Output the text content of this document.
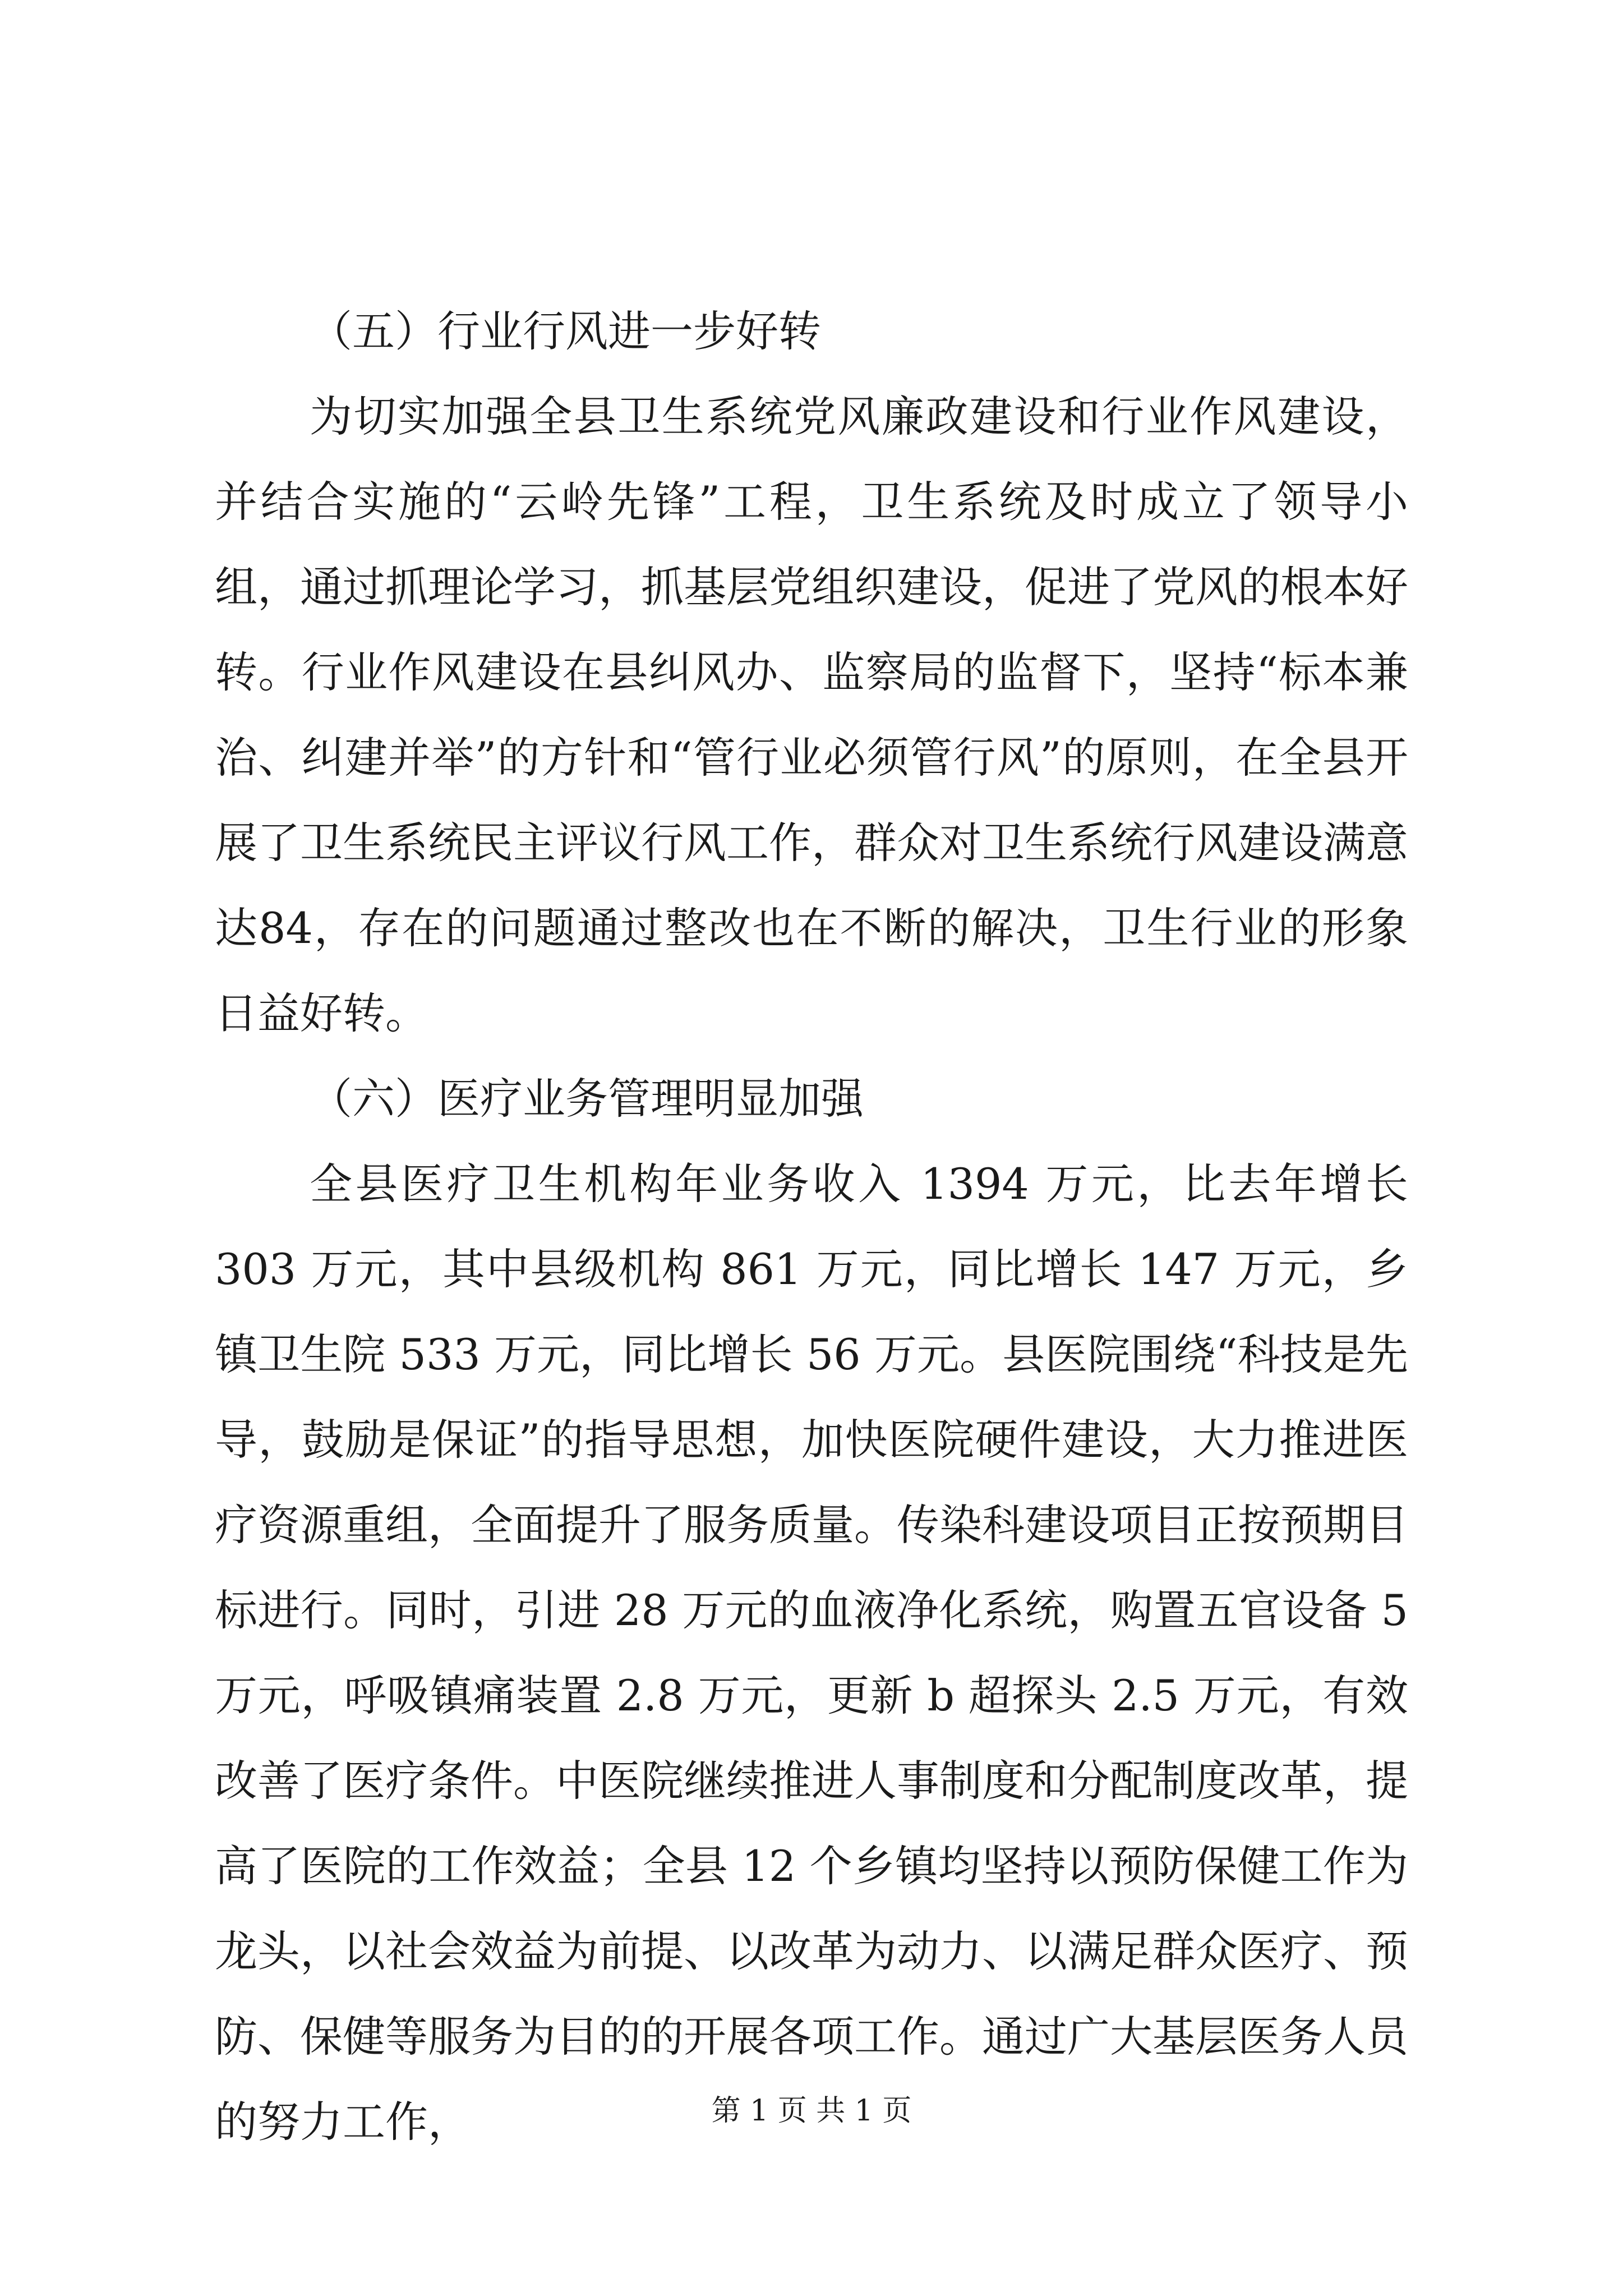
（五）行业行风进一步好转

为切实加强全县卫生系统党风廉政建设和行业作风建设，并结合实施的“云岭先锋”工程，卫生系统及时成立了领导小组，通过抓理论学习，抓基层党组织建设，促进了党风的根本好转。行业作风建设在县纠风办、监察局的监督下，坚持“标本兼治、纠建并举”的方针和“管行业必须管行风”的原则，在全县开展了卫生系统民主评议行风工作，群众对卫生系统行风建设满意达84，存在的问题通过整改也在不断的解决，卫生行业的形象日益好转。

（六）医疗业务管理明显加强

全县医疗卫生机构年业务收入 1394 万元，比去年增长 303 万元，其中县级机构 861 万元，同比增长 147 万元，乡镇卫生院 533 万元，同比增长 56 万元。县医院围绕“科技是先导，鼓励是保证”的指导思想，加快医院硬件建设，大力推进医疗资源重组，全面提升了服务质量。传染科建设项目正按预期目标进行。同时，引进 28 万元的血液净化系统，购置五官设备 5 万元，呼吸镇痛装置 2.8 万元，更新 b 超探头 2.5 万元，有效改善了医疗条件。中医院继续推进人事制度和分配制度改革，提高了医院的工作效益；全县 12 个乡镇均坚持以预防保健工作为龙头，以社会效益为前提、以改革为动力、以满足群众医疗、预防、保健等服务为目的的开展各项工作。通过广大基层医务人员的努力工作，	第 1 页 共 1 页
